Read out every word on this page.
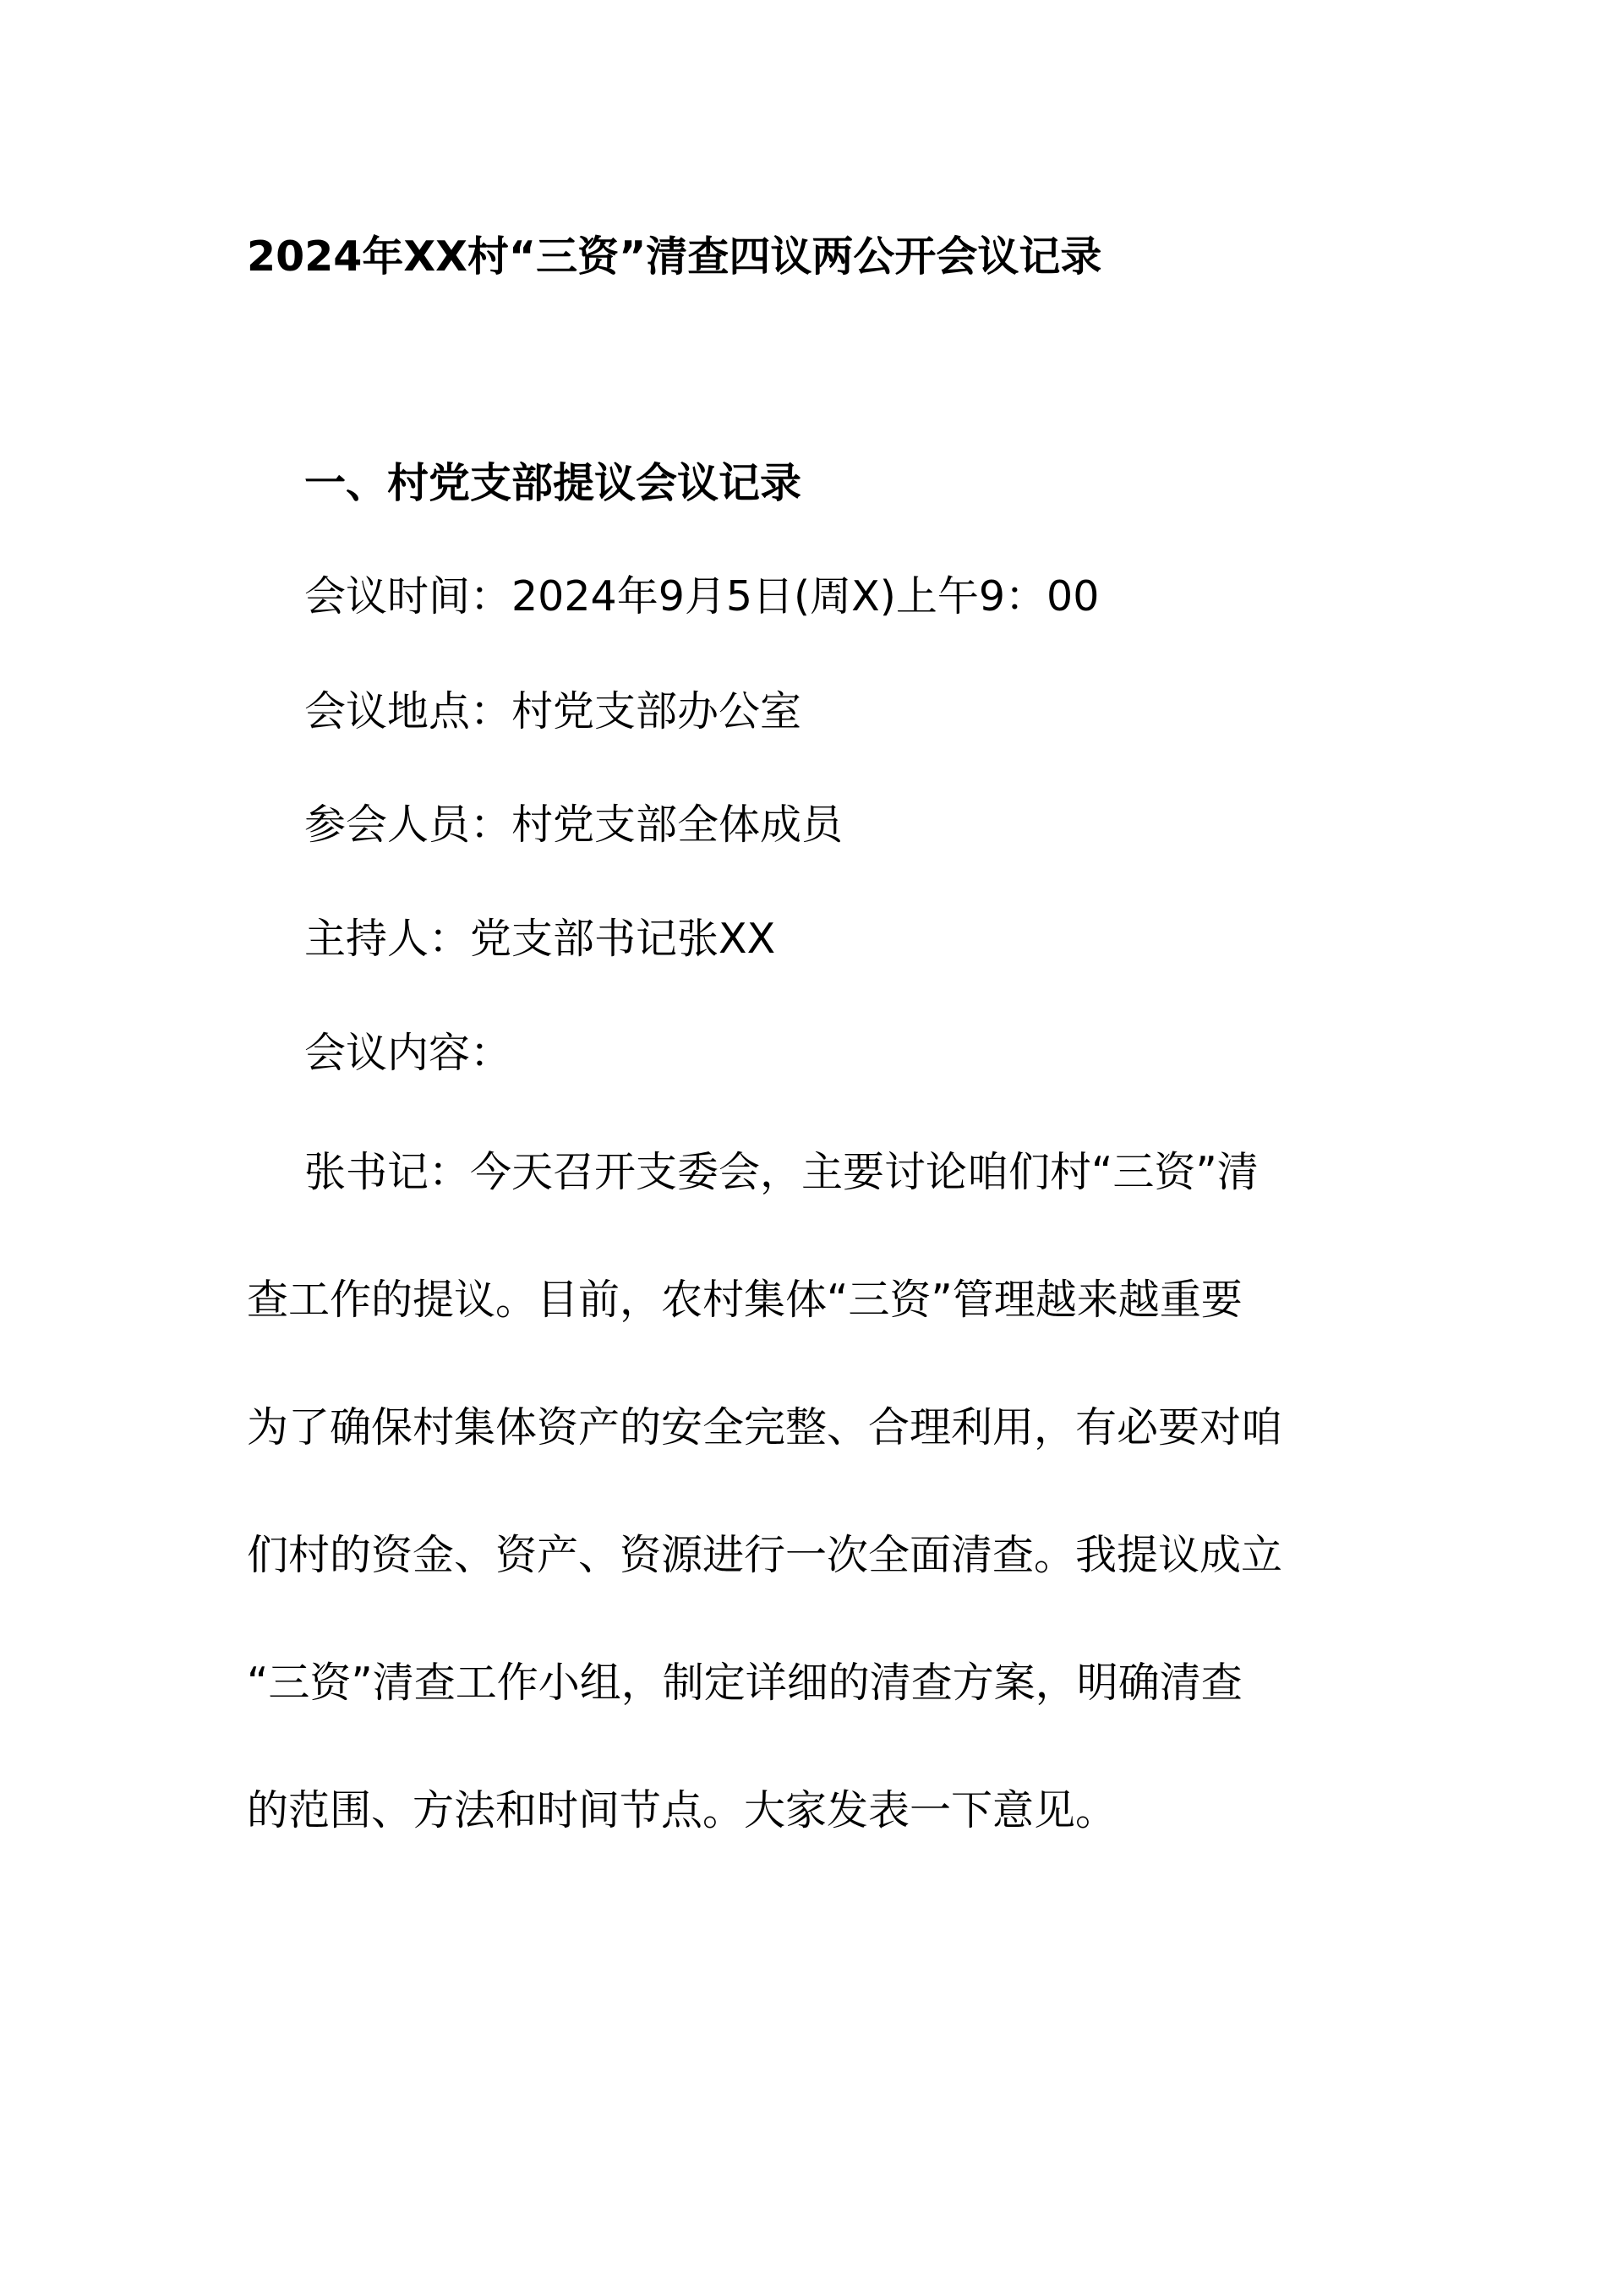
2024年XX村“三资”清查四议两公开会议记录
一、村党支部提议会议记录

会议时间：2024年9月5日(周X)上午9：00

会议地点：村党支部办公室

参会人员：村党支部全体成员

主持人：党支部书记张XX

会议内容：

张书记：今天召开支委会，主要讨论咱们村“三资”清
查工作的提议。目前，农村集体“三资”管理越来越重要
为了确保村集体资产的安全完整、合理利用，有必要对咱
们村的资金、资产、资源进行一次全面清查。我提议成立
“三资”清查工作小组，制定详细的清查方案，明确清查
的范围、方法和时间节点。大家发表一下意见。
